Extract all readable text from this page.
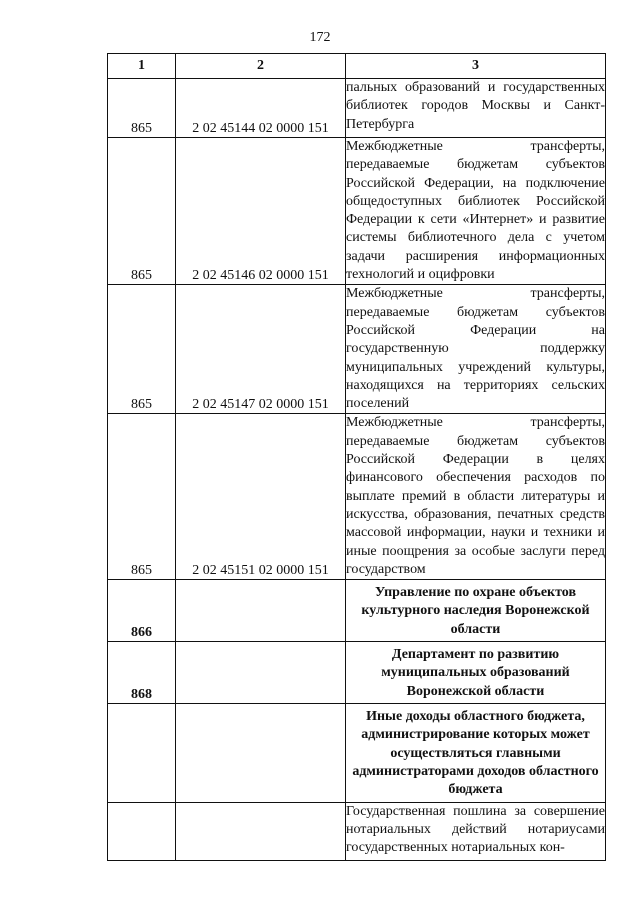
172
1	2	3
865	2 02 45144 02 0000 151	пальных образований и государственных библиотек городов Москвы и Санкт-Петербурга
865	2 02 45146 02 0000 151	Межбюджетные трансферты, передаваемые бюджетам субъектов Российской Федерации, на подключение общедоступных библиотек Российской Федерации к сети «Интернет» и развитие системы библиотечного дела с учетом задачи расширения информационных технологий и оцифровки
865	2 02 45147 02 0000 151	Межбюджетные трансферты, передаваемые бюджетам субъектов Российской Федерации на государственную поддержку муниципальных учреждений культуры, находящихся на территориях сельских поселений
865	2 02 45151 02 0000 151	Межбюджетные трансферты, передаваемые бюджетам субъектов Российской Федерации в целях финансового обеспечения расходов по выплате премий в области литературы и искусства, образования, печатных средств массовой информации, науки и техники и иные поощрения за особые заслуги перед государством
866		Управление по охране объектов культурного наследия Воронежской области
868		Департамент по развитию муниципальных образований Воронежской области
		Иные доходы областного бюджета, администрирование которых может осуществляться главными администраторами доходов областного бюджета
		Государственная пошлина за совершение нотариальных действий нотариусами государственных нотариальных кон-
